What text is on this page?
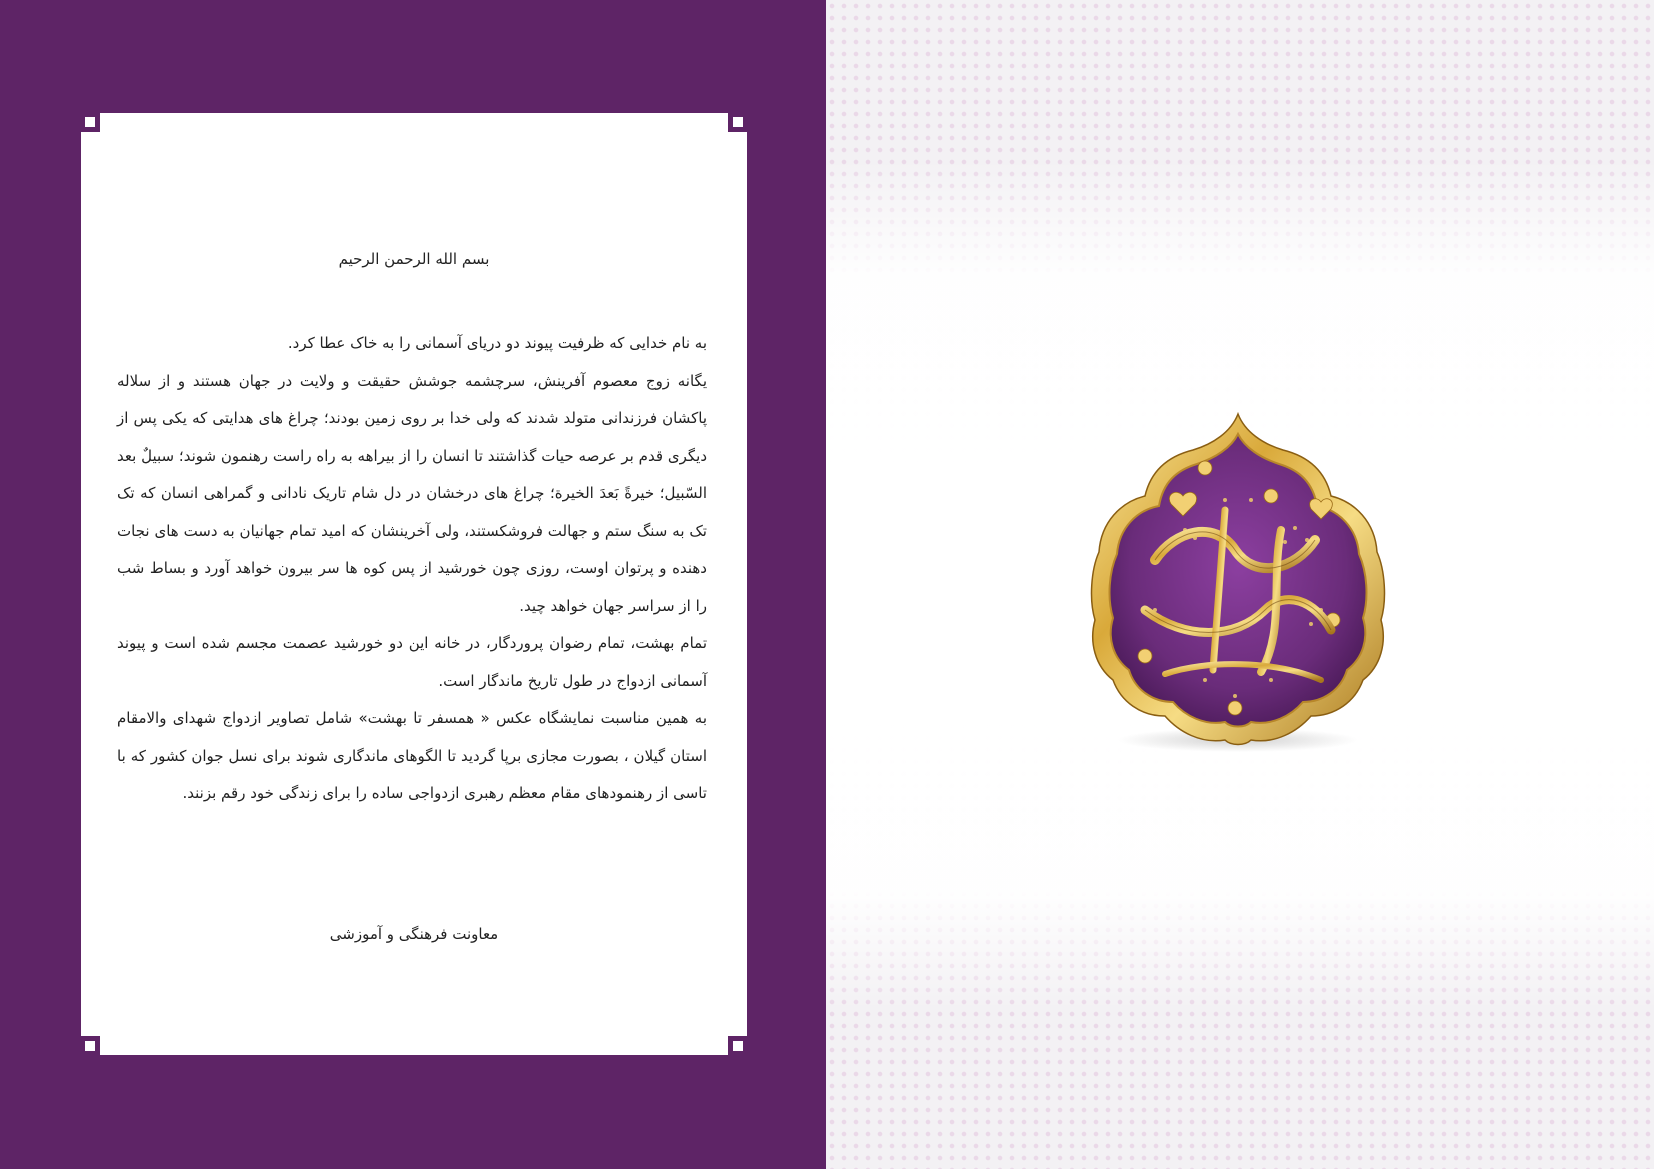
بسم الله الرحمن الرحیم

به نام خدایی که ظرفیت پیوند دو دریای آسمانی را به خاک عطا کرد.

یگانه زوج معصوم آفرینش، سرچشمه جوشش حقیقت و ولایت در جهان هستند و از سلاله پاکشان فرزندانی متولد شدند که ولی خدا بر روی زمین بودند؛ چراغ های هدایتی که یکی پس از دیگری قدم بر عرصه حیات گذاشتند تا انسان را از بیراهه به راه راست رهنمون شوند؛ سبیلٌ بعد السّبیل؛ خیرةً بَعدَ الخیرة؛ چراغ های درخشان در دل شام تاریک نادانی و گمراهی انسان که تک تک به سنگ ستم و جهالت فروشکستند، ولی آخرینشان که امید تمام جهانیان به دست های نجات دهنده و پرتوان اوست، روزی چون خورشید از پس کوه ها سر بیرون خواهد آورد و بساط شب را از سراسر جهان خواهد چید.

تمام بهشت، تمام رضوان پروردگار، در خانه این دو خورشید عصمت مجسم شده است و پیوند آسمانی ازدواج در طول تاریخ ماندگار است.

به همین مناسبت نمایشگاه عکس « همسفر تا بهشت» شامل تصاویر ازدواج شهدای والامقام استان گیلان ، بصورت مجازی برپا گردید تا الگوهای ماندگاری شوند برای نسل جوان کشور که با تاسی از رهنمودهای مقام معظم رهبری ازدواجی ساده را برای زندگی خود رقم بزنند.

معاونت فرهنگی و آموزشی
